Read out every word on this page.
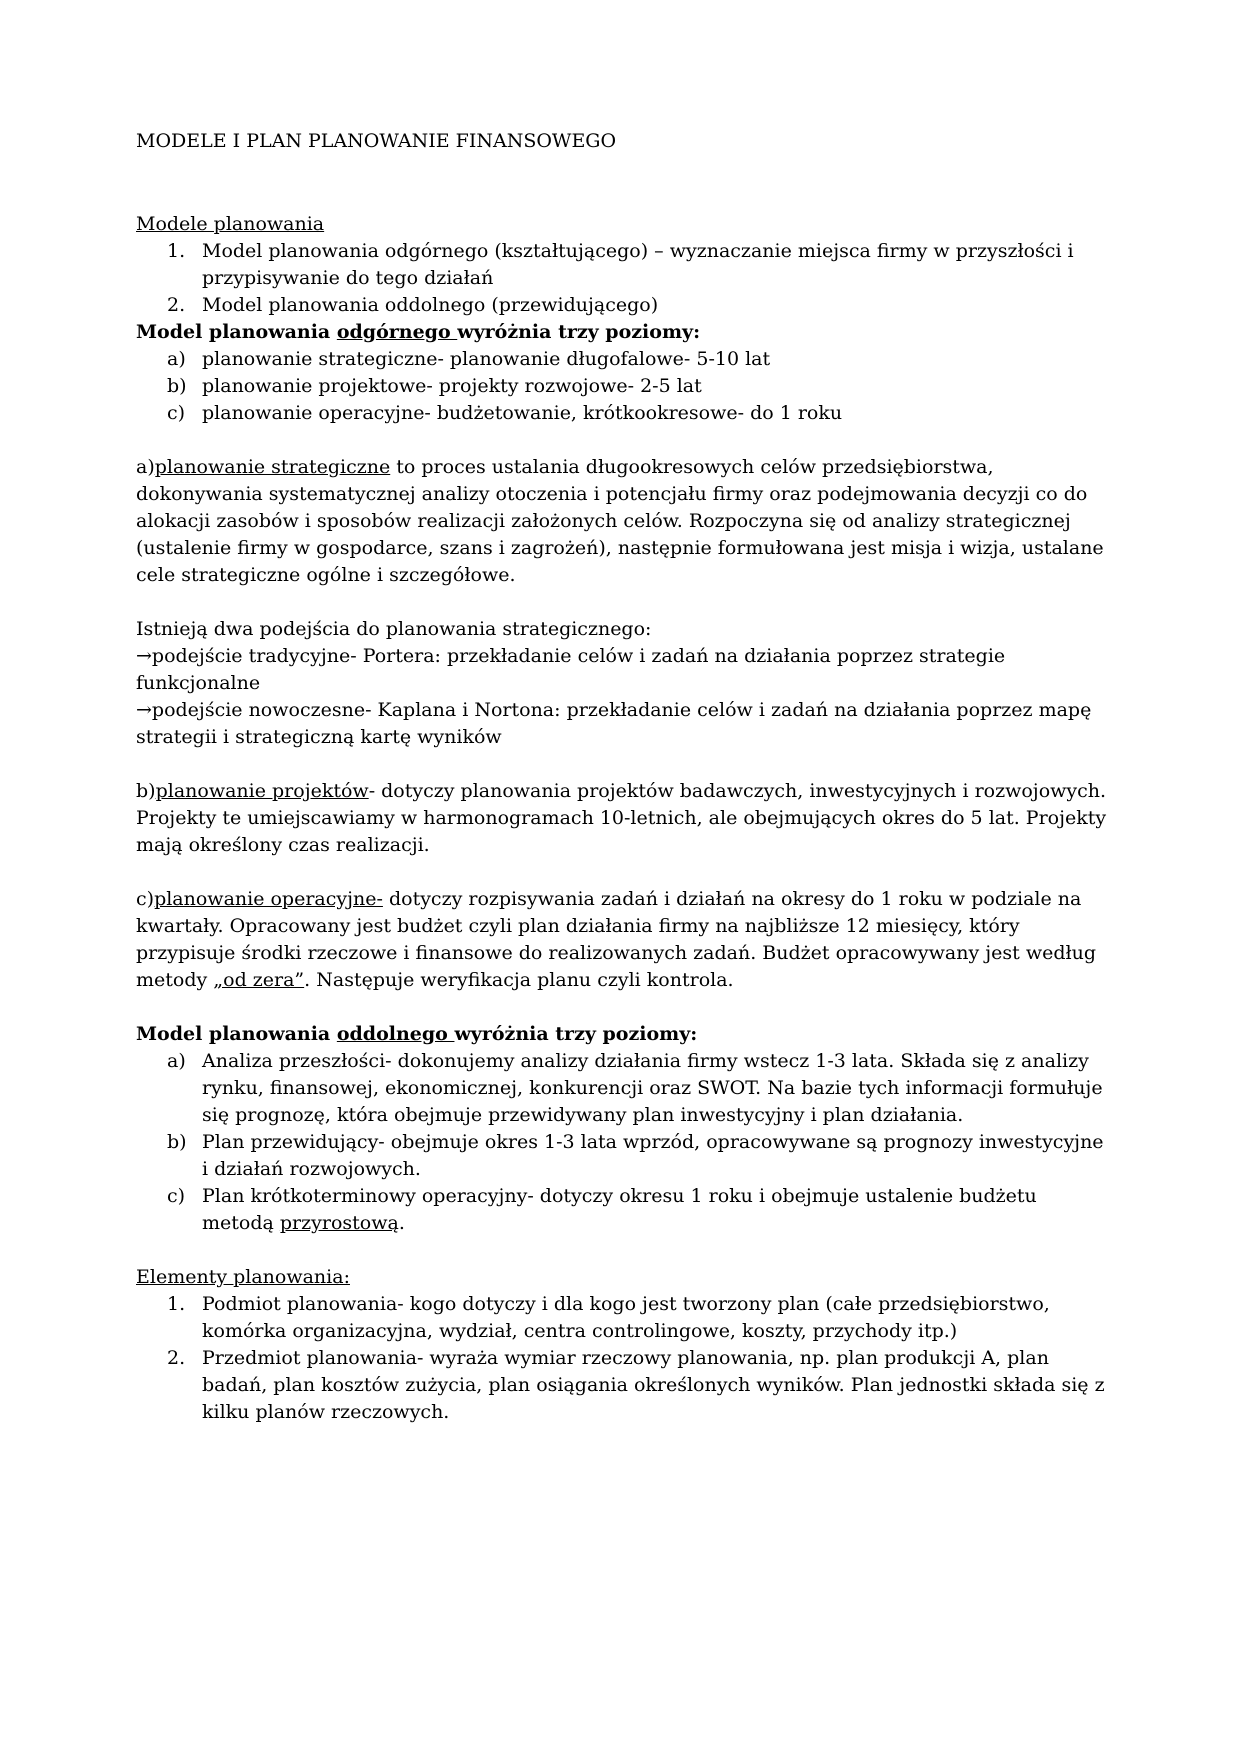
MODELE I PLAN PLANOWANIE FINANSOWEGO
Modele planowania
1. Model planowania odgórnego (kształtującego) – wyznaczanie miejsca firmy w przyszłości i przypisywanie do tego działań
2. Model planowania oddolnego (przewidującego)
Model planowania odgórnego wyróżnia trzy poziomy:
a) planowanie strategiczne- planowanie długofalowe- 5-10 lat
b) planowanie projektowe- projekty rozwojowe- 2-5 lat
c) planowanie operacyjne- budżetowanie, krótkookresowe- do 1 roku
a)planowanie strategiczne to proces ustalania długookresowych celów przedsiębiorstwa, dokonywania systematycznej analizy otoczenia i potencjału firmy oraz podejmowania decyzji co do alokacji zasobów i sposobów realizacji założonych celów. Rozpoczyna się od analizy strategicznej (ustalenie firmy w gospodarce, szans i zagrożeń), następnie formułowana jest misja i wizja, ustalane cele strategiczne ogólne i szczegółowe.
Istnieją dwa podejścia do planowania strategicznego:
→podejście tradycyjne- Portera: przekładanie celów i zadań na działania poprzez strategie funkcjonalne
→podejście nowoczesne- Kaplana i Nortona: przekładanie celów i zadań na działania poprzez mapę strategii i strategiczną kartę wyników
b)planowanie projektów- dotyczy planowania projektów badawczych, inwestycyjnych i rozwojowych. Projekty te umiejscawiamy w harmonogramach 10-letnich, ale obejmujących okres do 5 lat. Projekty mają określony czas realizacji.
c)planowanie operacyjne- dotyczy rozpisywania zadań i działań na okresy do 1 roku w podziale na kwartały. Opracowany jest budżet czyli plan działania firmy na najbliższe 12 miesięcy, który przypisuje środki rzeczowe i finansowe do realizowanych zadań. Budżet opracowywany jest według metody „od zera”. Następuje weryfikacja planu czyli kontrola.
Model planowania oddolnego wyróżnia trzy poziomy:
a) Analiza przeszłości- dokonujemy analizy działania firmy wstecz 1-3 lata. Składa się z analizy rynku, finansowej, ekonomicznej, konkurencji oraz SWOT. Na bazie tych informacji formułuje się prognozę, która obejmuje przewidywany plan inwestycyjny i plan działania.
b) Plan przewidujący- obejmuje okres 1-3 lata wprzód, opracowywane są prognozy inwestycyjne i działań rozwojowych.
c) Plan krótkoterminowy operacyjny- dotyczy okresu 1 roku i obejmuje ustalenie budżetu metodą przyrostową.
Elementy planowania:
1. Podmiot planowania- kogo dotyczy i dla kogo jest tworzony plan (całe przedsiębiorstwo, komórka organizacyjna, wydział, centra controlingowe, koszty, przychody itp.)
2. Przedmiot planowania- wyraża wymiar rzeczowy planowania, np. plan produkcji A, plan badań, plan kosztów zużycia, plan osiągania określonych wyników. Plan jednostki składa się z kilku planów rzeczowych.
